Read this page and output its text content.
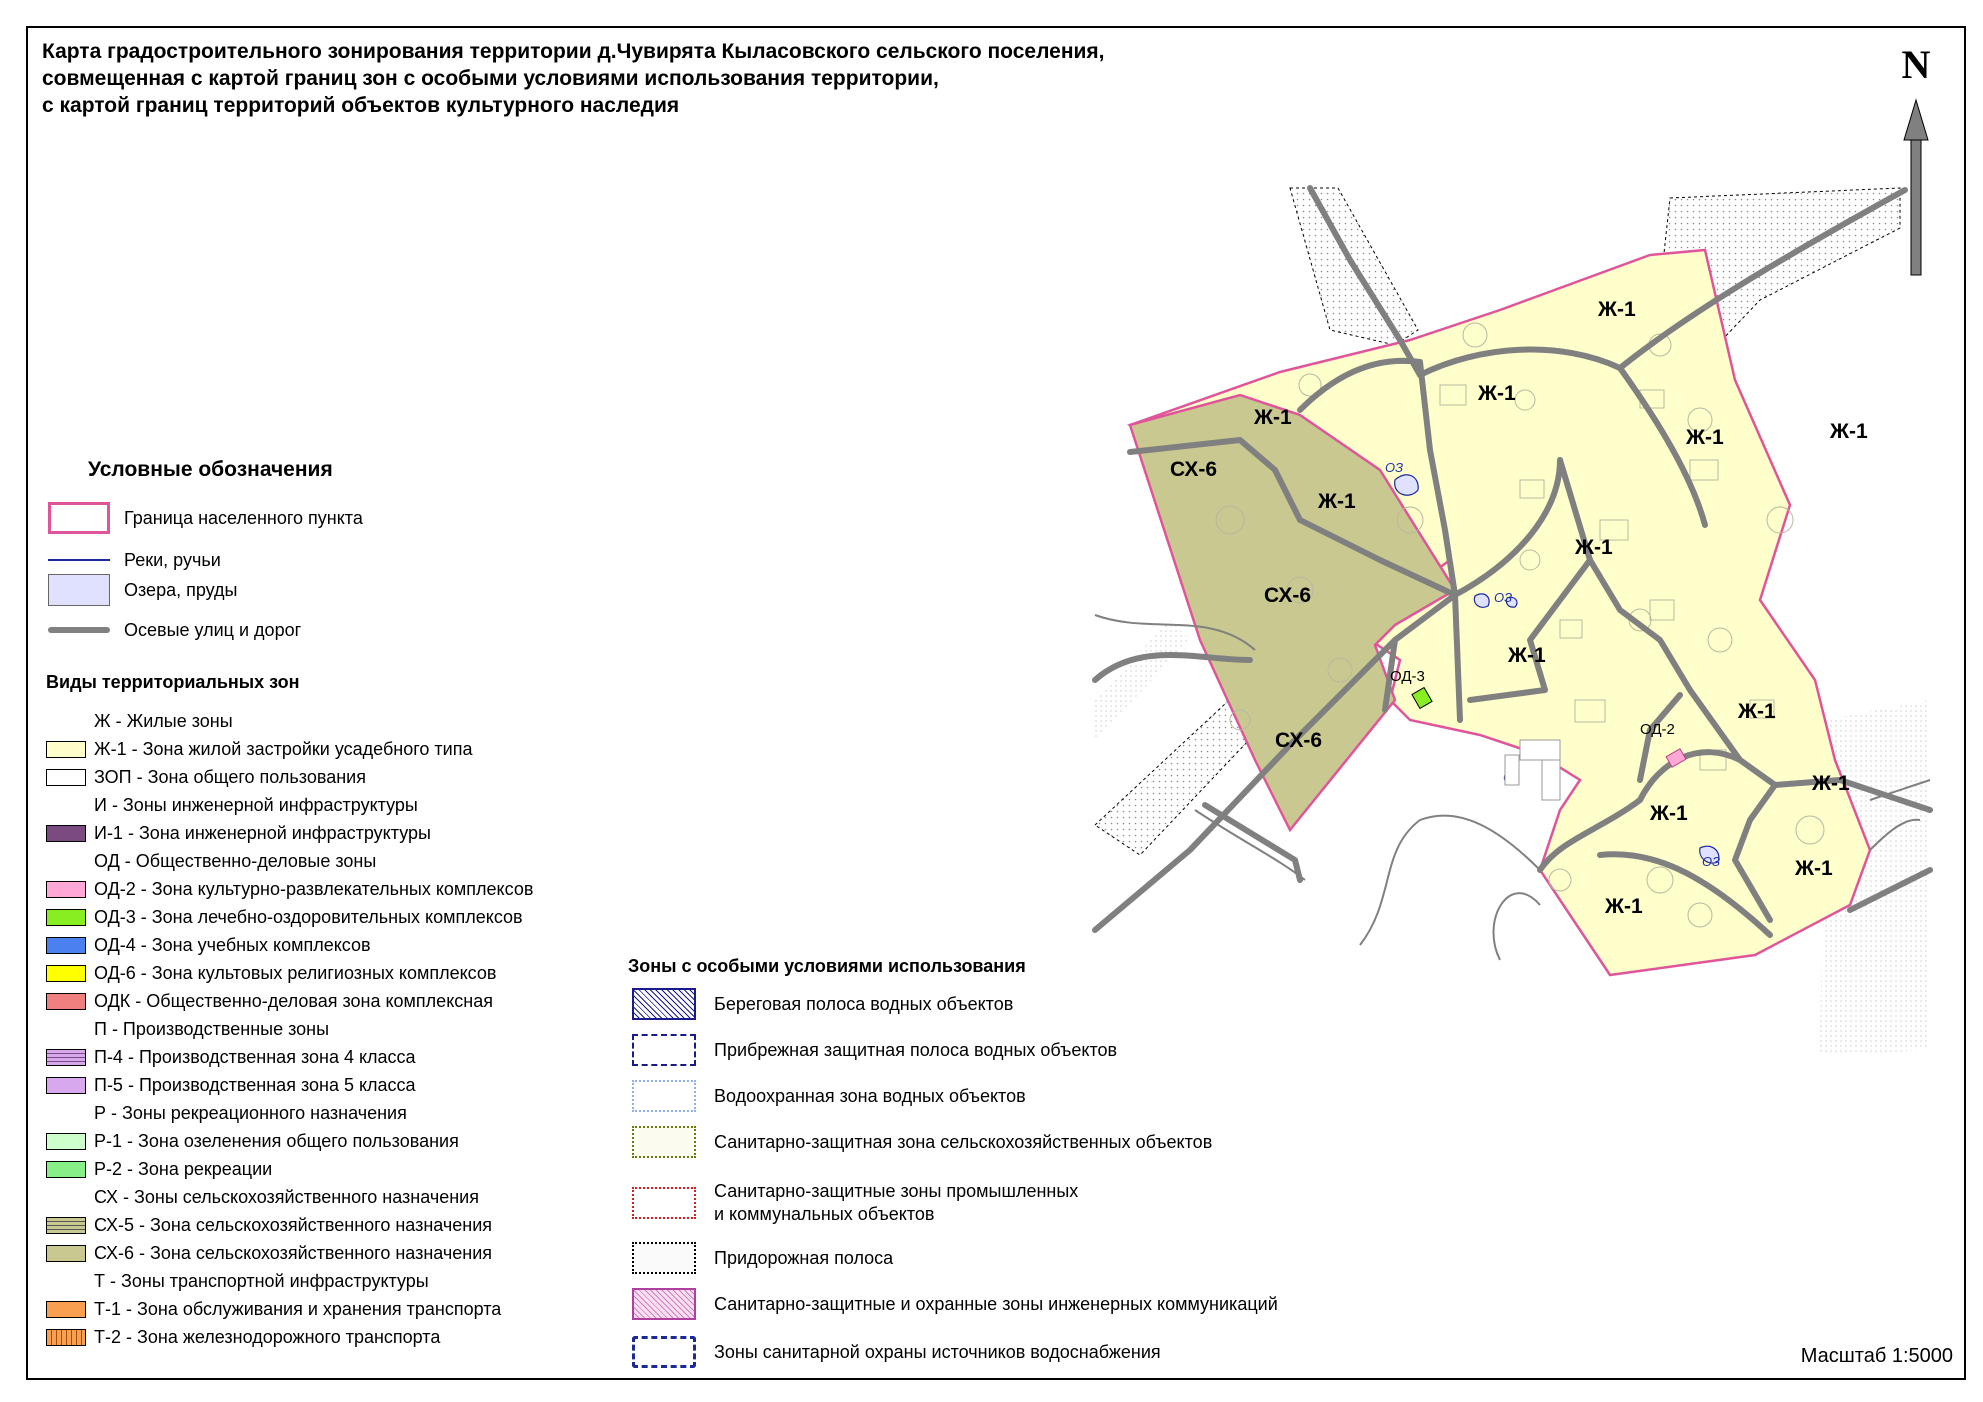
Ж-1
Ж-1
Ж-1	Ж-1
Ж-1
Ж-1
Ж-1
Ж-1
Ж-1
Ж-1
Ж-1
Ж-1
Ж-1
СХ-6
СХ-6
СХ-6	ОД-2
ОД-3
ОЗ
ОЗ
ОЗ
N
Карта градостроительного зонирования территории д.Чувирята Кыласовского сельского поселения,
совмещенная с картой границ зон с особыми условиями использования территории,
с картой границ территорий объектов культурного наследия
Условные обозначения
Граница населенного пункта
Реки, ручьи
Озера, пруды
Осевые улиц и дорог
Виды территориальных зон
Ж - Жилые зоны
Ж-1 - Зона жилой застройки усадебного типа
ЗОП - Зона общего пользования
И - Зоны инженерной инфраструктуры
И-1 - Зона инженерной инфраструктуры
ОД - Общественно-деловые зоны
ОД-2 - Зона культурно-развлекательных комплексов
ОД-3 - Зона лечебно-оздоровительных комплексов
ОД-4 - Зона учебных комплексов
ОД-6 - Зона культовых религиозных комплексов
ОДК - Общественно-деловая зона комплексная
П - Производственные зоны
П-4 - Производственная зона 4 класса
П-5 - Производственная зона 5 класса
Р - Зоны рекреационного назначения
Р-1 - Зона озеленения общего пользования
Р-2 - Зона рекреации
СХ - Зоны сельскохозяйственного назначения
СХ-5 - Зона сельскохозяйственного назначения
СХ-6 - Зона сельскохозяйственного назначения
Т - Зоны транспортной инфраструктуры
Т-1 - Зона обслуживания и хранения транспорта
Т-2 - Зона железнодорожного транспорта
Зоны с особыми условиями использования
Береговая полоса водных объектов
Прибрежная защитная полоса водных объектов
Водоохранная зона водных объектов
Санитарно-защитная зона сельскохозяйственных объектов
Санитарно-защитные зоны промышленных
и коммунальных объектов
Придорожная полоса
Санитарно-защитные и охранные зоны инженерных коммуникаций
Зоны санитарной охраны источников водоснабжения	Масштаб 1:5000
